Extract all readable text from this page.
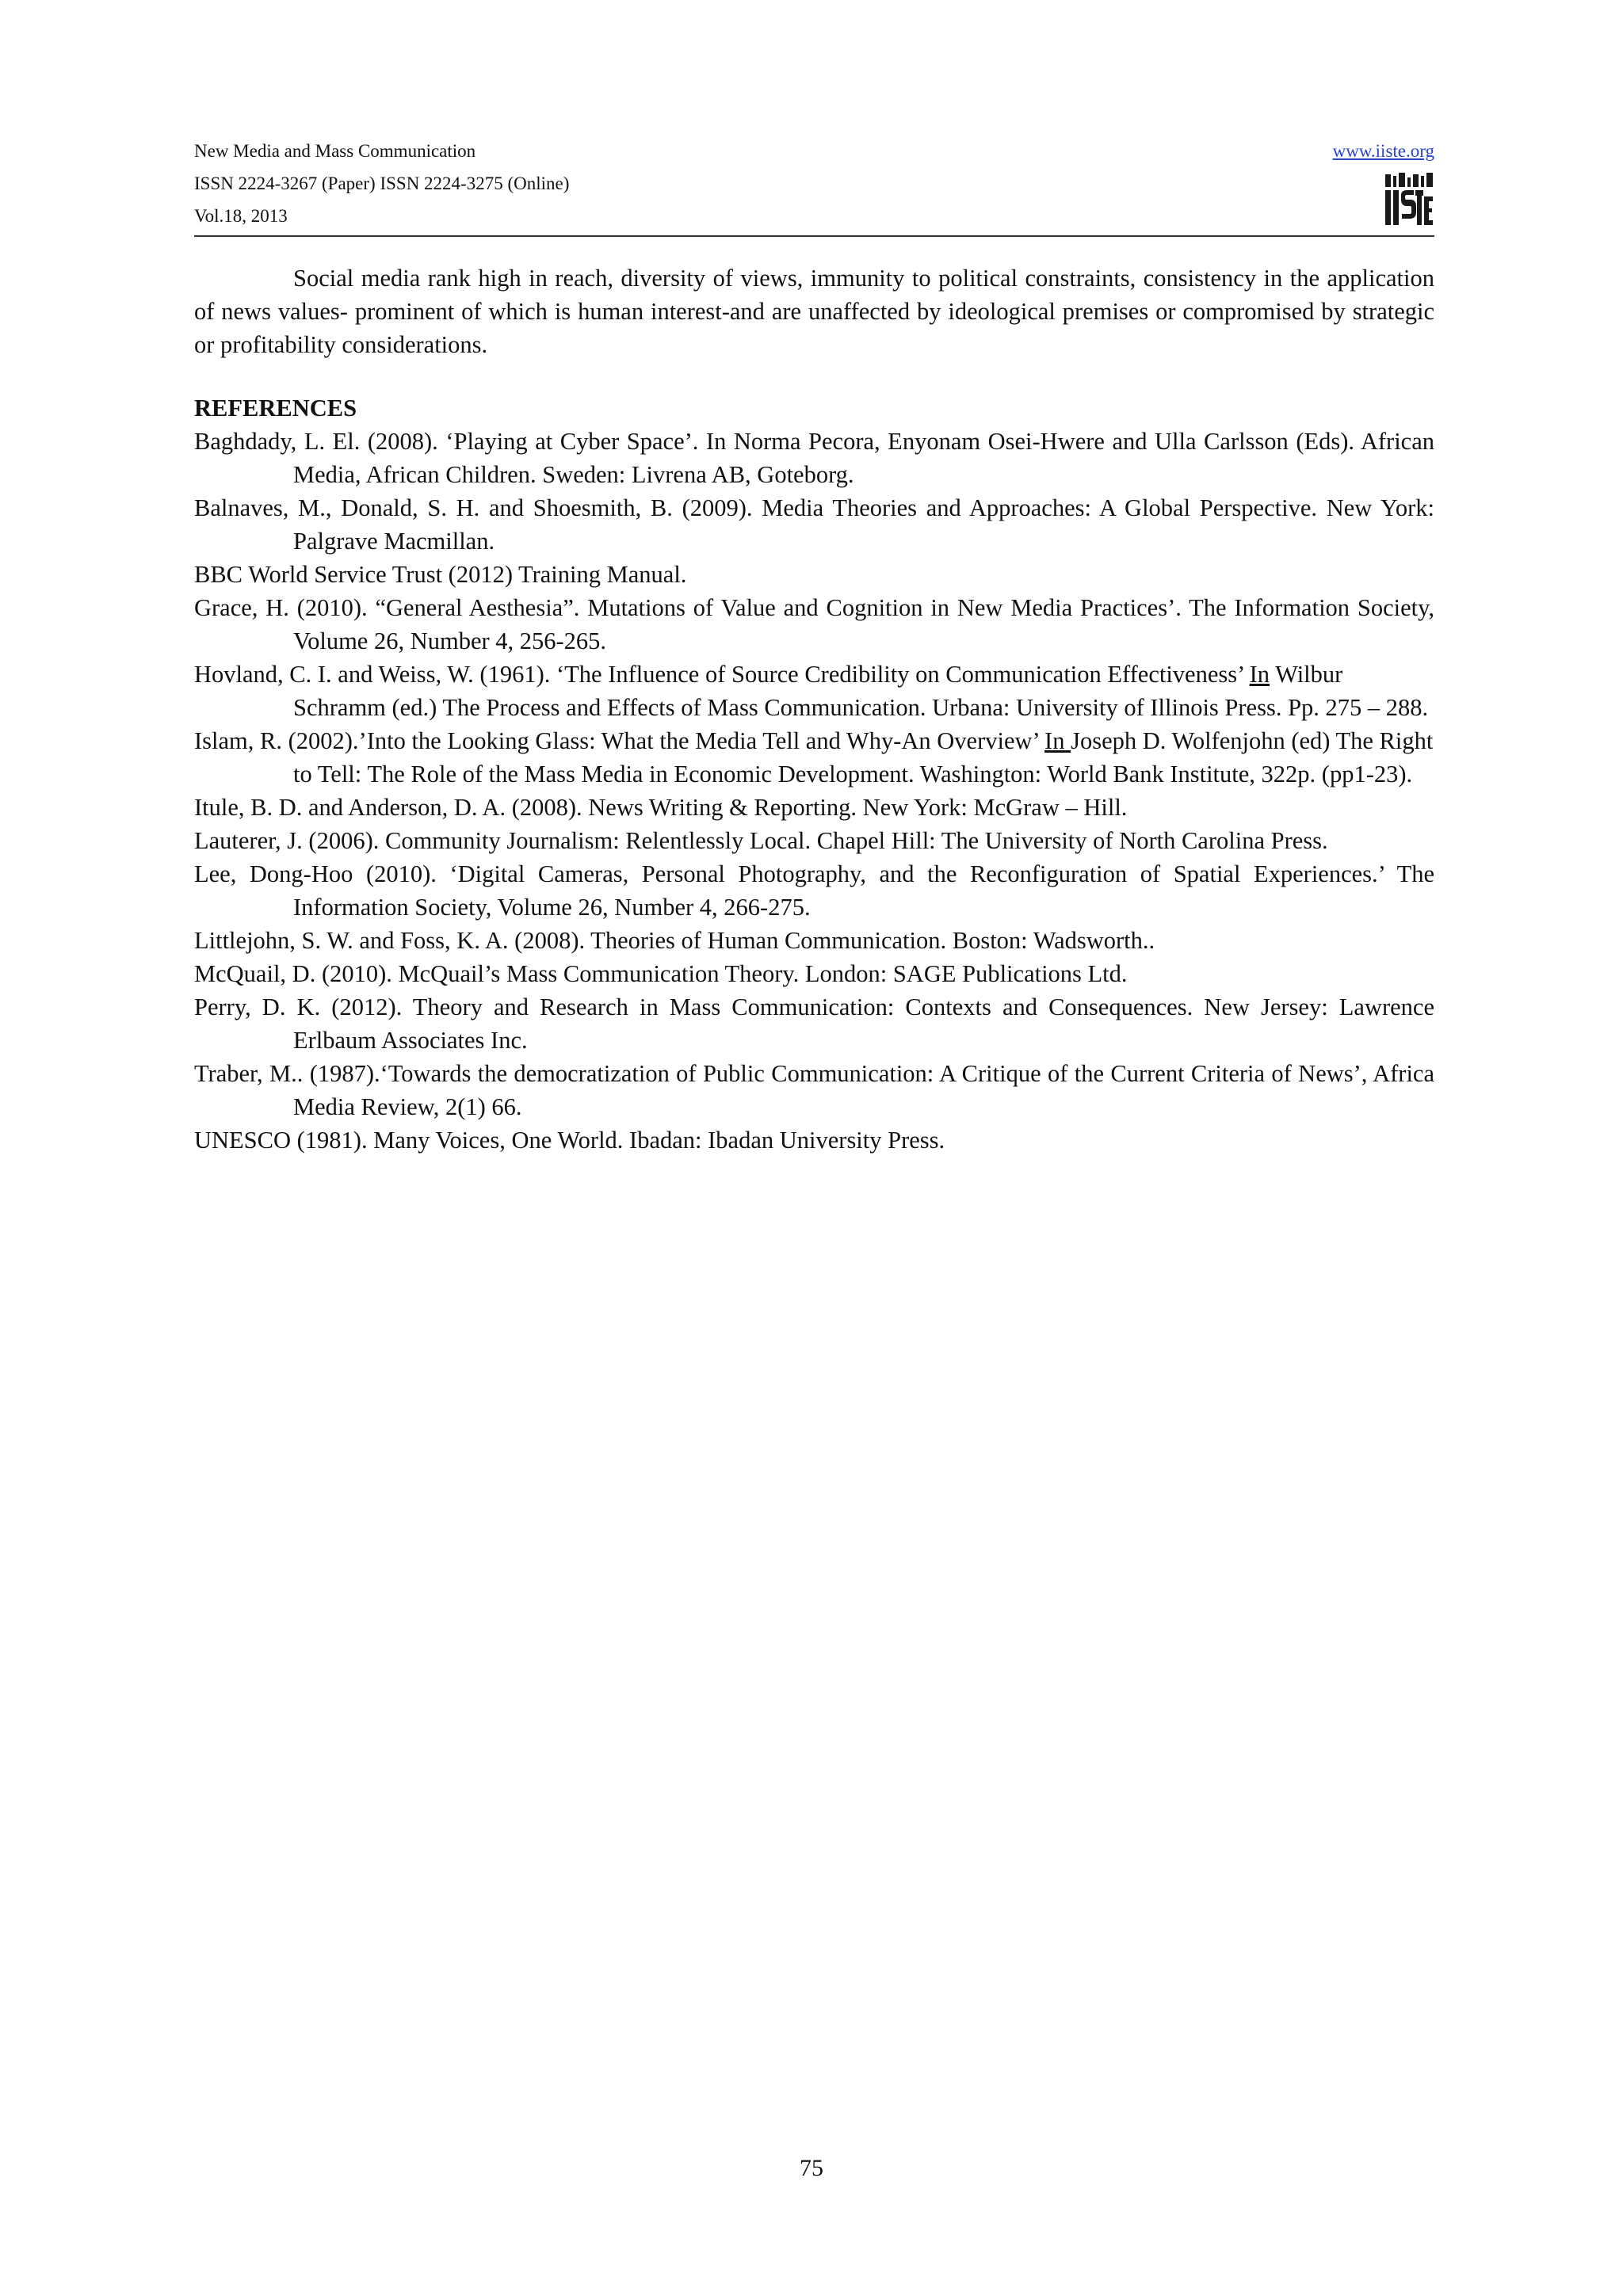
New Media and Mass Communication
ISSN 2224-3267 (Paper) ISSN 2224-3275 (Online)
Vol.18, 2013
www.iiste.org

Social media rank high in reach, diversity of views, immunity to political constraints, consistency in the application of news values- prominent of which is human interest-and are unaffected by ideological premises or compromised by strategic or profitability considerations.

REFERENCES

Baghdady, L. El. (2008). ‘Playing at Cyber Space’. In Norma Pecora, Enyonam Osei-Hwere and Ulla Carlsson (Eds). African Media, African Children. Sweden: Livrena AB, Goteborg.

Balnaves, M., Donald, S. H. and Shoesmith, B. (2009). Media Theories and Approaches: A Global Perspective. New York: Palgrave Macmillan.

BBC World Service Trust (2012) Training Manual.

Grace, H. (2010). “General Aesthesia”. Mutations of Value and Cognition in New Media Practices’. The Information Society, Volume 26, Number 4, 256-265.

Hovland, C. I. and Weiss, W. (1961). ‘The Influence of Source Credibility on Communication Effectiveness’ In Wilbur Schramm (ed.) The Process and Effects of Mass Communication. Urbana: University of Illinois Press. Pp. 275 – 288.

Islam, R. (2002).’Into the Looking Glass: What the Media Tell and Why-An Overview’ In Joseph D. Wolfenjohn (ed) The Right to Tell: The Role of the Mass Media in Economic Development. Washington: World Bank Institute, 322p. (pp1-23).

Itule, B. D. and Anderson, D. A. (2008). News Writing & Reporting. New York: McGraw – Hill.

Lauterer, J. (2006). Community Journalism: Relentlessly Local. Chapel Hill: The University of North Carolina Press.

Lee, Dong-Hoo (2010). ‘Digital Cameras, Personal Photography, and the Reconfiguration of Spatial Experiences.’ The Information Society, Volume 26, Number 4, 266-275.

Littlejohn, S. W. and Foss, K. A. (2008). Theories of Human Communication. Boston: Wadsworth..

McQuail, D. (2010). McQuail’s Mass Communication Theory. London: SAGE Publications Ltd.

Perry, D. K. (2012). Theory and Research in Mass Communication: Contexts and Consequences. New Jersey: Lawrence Erlbaum Associates Inc.

Traber, M.. (1987).‘Towards the democratization of Public Communication: A Critique of the Current Criteria of News’, Africa Media Review, 2(1) 66.

UNESCO (1981). Many Voices, One World. Ibadan: Ibadan University Press.

75
